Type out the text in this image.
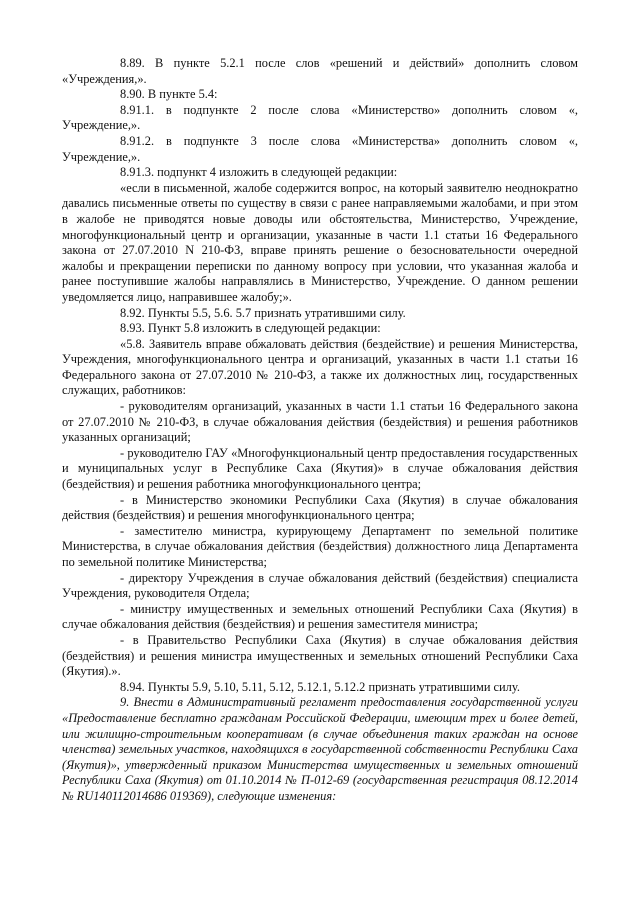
8.89. В пункте 5.2.1 после слов «решений и действий» дополнить словом «Учреждения,».

8.90. В пункте 5.4:

8.91.1. в подпункте 2 после слова «Министерство» дополнить словом «, Учреждение,».

8.91.2. в подпункте 3 после слова «Министерства» дополнить словом «, Учреждение,».

8.91.3. подпункт 4 изложить в следующей редакции:

«если в письменной, жалобе содержится вопрос, на который заявителю неоднократно давались письменные ответы по существу в связи с ранее направляемыми жалобами, и при этом в жалобе не приводятся новые доводы или обстоятельства, Министерство, Учреждение, многофункциональный центр и организации, указанные в части 1.1 статьи 16 Федерального закона от 27.07.2010 N 210-ФЗ, вправе принять решение о безосновательности очередной жалобы и прекращении переписки по данному вопросу при условии, что указанная жалоба и ранее поступившие жалобы направлялись в Министерство, Учреждение. О данном решении уведомляется лицо, направившее жалобу;».

8.92. Пункты 5.5, 5.6. 5.7 признать утратившими силу.

8.93. Пункт 5.8 изложить в следующей редакции:

«5.8. Заявитель вправе обжаловать действия (бездействие) и решения Министерства, Учреждения, многофункционального центра и организаций, указанных в части 1.1 статьи 16 Федерального закона от 27.07.2010 № 210-ФЗ, а также их должностных лиц, государственных служащих, работников:

- руководителям организаций, указанных в части 1.1 статьи 16 Федерального закона от 27.07.2010 № 210-ФЗ, в случае обжалования действия (бездействия) и решения работников указанных организаций;

- руководителю ГАУ «Многофункциональный центр предоставления государственных и муниципальных услуг в Республике Саха (Якутия)» в случае обжалования действия (бездействия) и решения работника многофункционального центра;

- в Министерство экономики Республики Саха (Якутия) в случае обжалования действия (бездействия) и решения многофункционального центра;

- заместителю министра, курирующему Департамент по земельной политике Министерства, в случае обжалования действия (бездействия) должностного лица Департамента по земельной политике Министерства;

- директору Учреждения в случае обжалования действий (бездействия) специалиста Учреждения, руководителя Отдела;

- министру имущественных и земельных отношений Республики Саха (Якутия) в случае обжалования действия (бездействия) и решения заместителя министра;

- в Правительство Республики Саха (Якутия) в случае обжалования действия (бездействия) и решения министра имущественных и земельных отношений Республики Саха (Якутия).».

8.94. Пункты 5.9, 5.10, 5.11, 5.12, 5.12.1, 5.12.2 признать утратившими силу.

9. Внести в Административный регламент предоставления государственной услуги «Предоставление бесплатно гражданам Российской Федерации, имеющим трех и более детей, или жилищно-строительным кооперативам (в случае объединения таких граждан на основе членства) земельных участков, находящихся в государственной собственности Республики Саха (Якутия)», утвержденный приказом Министерства имущественных и земельных отношений Республики Саха (Якутия) от 01.10.2014 № П-012-69 (государственная регистрация 08.12.2014 № RU140112014686 019369), следующие изменения:
